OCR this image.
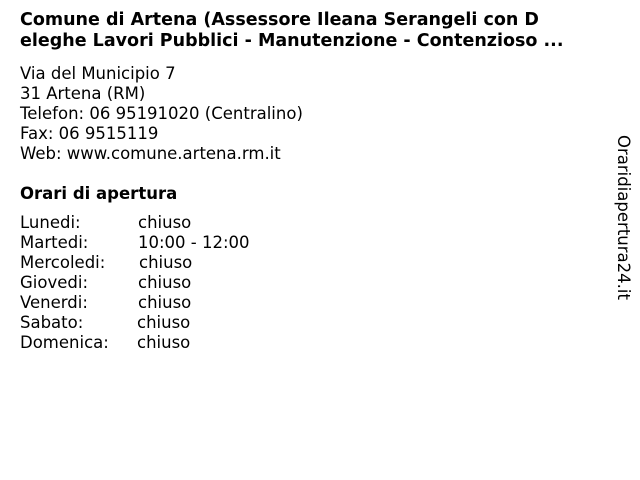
Comune di Artena (Assessore Ileana Serangeli con D
eleghe Lavori Pubblici - Manutenzione - Contenzioso ...
Via del Municipio 7
31 Artena (RM)
Telefon: 06 95191020 (Centralino)
Fax: 06 9515119
Web: www.comune.artena.rm.it
Orari di apertura
Lunedi:	chiuso
Martedi:	10:00 - 12:00
Mercoledi: chiuso
Giovedi:	chiuso
Venerdi:	chiuso
Sabato:	chiuso
Domenica: chiuso
Oraridiapertura24.it
